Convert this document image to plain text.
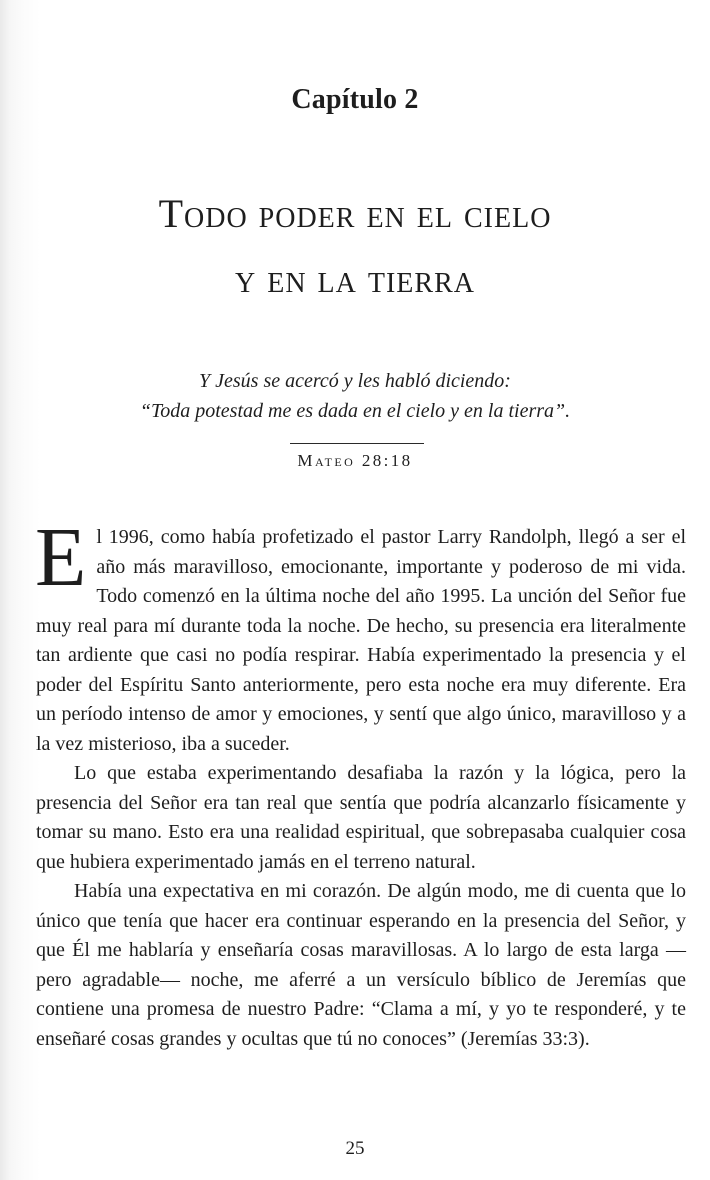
Capítulo 2
Todo poder en el cielo
y en la tierra
Y Jesús se acercó y les habló diciendo:
“Toda potestad me es dada en el cielo y en la tierra”.
Mateo 28:18

El 1996, como había profetizado el pastor Larry Randolph, llegó a ser el año más maravilloso, emocionante, importante y poderoso de mi vida. Todo comenzó en la última noche del año 1995. La unción del Señor fue muy real para mí durante toda la noche. De hecho, su presencia era literalmente tan ardiente que casi no podía respirar. Había experimentado la presencia y el poder del Espíritu Santo anteriormente, pero esta noche era muy diferente. Era un período intenso de amor y emociones, y sentí que algo único, maravilloso y a la vez misterioso, iba a suceder.

Lo que estaba experimentando desafiaba la razón y la lógica, pero la presencia del Señor era tan real que sentía que podría alcanzarlo físicamente y tomar su mano. Esto era una realidad espiritual, que sobrepasaba cualquier cosa que hubiera experimentado jamás en el terreno natural.

Había una expectativa en mi corazón. De algún modo, me di cuenta que lo único que tenía que hacer era continuar esperando en la presencia del Señor, y que Él me hablaría y enseñaría cosas maravillosas. A lo largo de esta larga —pero agradable— noche, me aferré a un versículo bíblico de Jeremías que contiene una promesa de nuestro Padre: “Clama a mí, y yo te responderé, y te enseñaré cosas grandes y ocultas que tú no conoces” (Jeremías 33:3).

25
